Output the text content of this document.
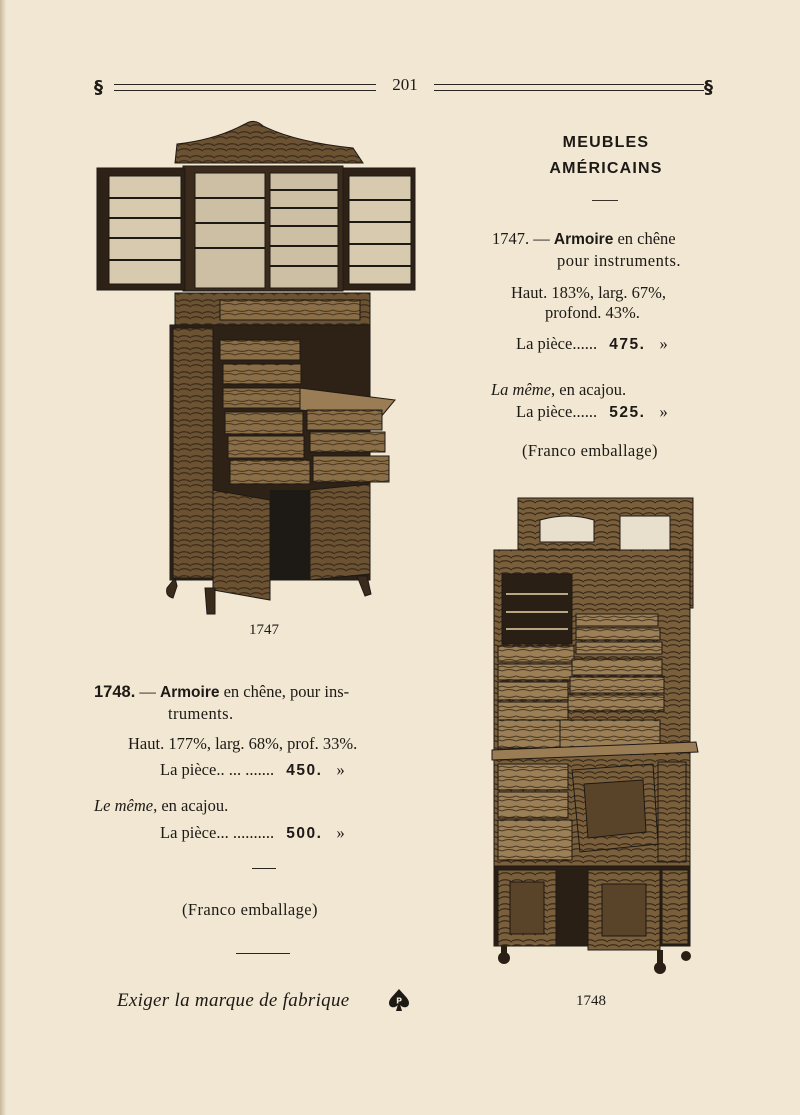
§	201	§
1747
MEUBLES
AMÉRICAINS
1747. — Armoire en chêne
pour instruments.
Haut. 183%, larg. 67%,
profond. 43%.
La pièce...... 475. »
La même, en acajou.
La pièce...... 525. »
(Franco emballage)
1748. — Armoire en chêne, pour ins-
truments.
Haut. 177%, larg. 68%, prof. 33%.
La pièce.. ... ....... 450. »
Le même, en acajou.
La pièce... .......... 500. »
(Franco emballage)
1748
Exiger la marque de fabrique	P
